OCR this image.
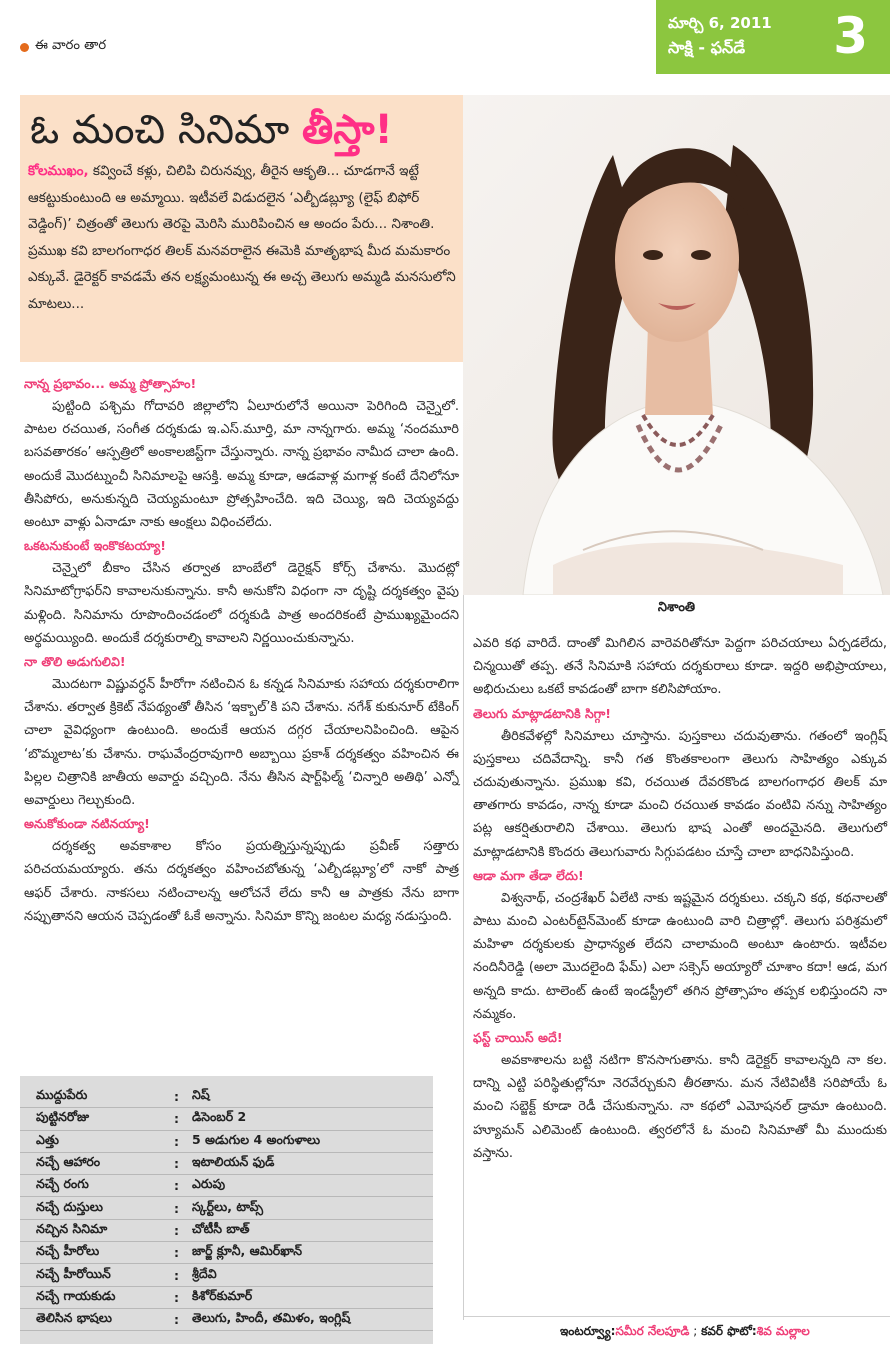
ఈ వారం తార
మార్చి 6, 2011
సాక్షి - ఫన్‌డే 3
ఓ మంచి సినిమా తీస్తా!
కోలముఖం, కవ్వించే కళ్లు, చిలిపి చిరునవ్వు, తీరైన ఆకృతి... చూడగానే ఇట్టే ఆకట్టుకుంటుంది ఆ అమ్మాయి. ఇటీవలే విడుదలైన ‘ఎల్బీడబ్ల్యూ (లైఫ్ బిఫోర్ వెడ్డింగ్)’ చిత్రంతో తెలుగు తెరపై మెరిసి మురిపించిన ఆ అందం పేరు... నిశాంతి. ప్రముఖ కవి బాలగంగాధర తిలక్ మనవరాలైన ఈమెకి మాతృభాష మీద మమకారం ఎక్కువే. డైరెక్టర్ కావడమే తన లక్ష్యమంటున్న ఈ అచ్చ తెలుగు అమ్మడి మనసులోని మాటలు...
నిశాంతి
నాన్న ప్రభావం... అమ్మ ప్రోత్సాహం!

పుట్టింది పశ్చిమ గోదావరి జిల్లాలోని ఏలూరులోనే అయినా పెరిగింది చెన్నైలో. పాటల రచయిత, సంగీత దర్శకుడు ఇ.ఎస్.మూర్తి, మా నాన్నగారు. అమ్మ ‘నందమూరి బసవతారకం’ ఆస్పత్రిలో అంకాలజిస్ట్‌గా చేస్తున్నారు. నాన్న ప్రభావం నామీద చాలా ఉంది. అందుకే మొదట్నుంచీ సినిమాలపై ఆసక్తి. అమ్మ కూడా, ఆడవాళ్ల మగాళ్ల కంటే దేనిలోనూ తీసిపోరు, అనుకున్నది చెయ్యమంటూ ప్రోత్సహించేది. ఇది చెయ్యి, ఇది చెయ్యవద్దు అంటూ వాళ్లు ఏనాడూ నాకు ఆంక్షలు విధించలేదు.

ఒకటనుకుంటే ఇంకొకటయ్యా!

చెన్నైలో బీకాం చేసిన తర్వాత బాంబేలో డెరైక్షన్ కోర్స్ చేశాను. మొదట్లో సినిమాటోగ్రాఫర్‌ని కావాలనుకున్నాను. కానీ అనుకోని విధంగా నా దృష్టి దర్శకత్వం వైపు మళ్లింది. సినిమాను రూపొందించడంలో దర్శకుడి పాత్ర అందరికంటే ప్రాముఖ్యమైందని అర్థమయ్యింది. అందుకే దర్శకురాల్ని కావాలని నిర్ణయించుకున్నాను.

నా తొలి అడుగులివి!

మొదటగా విష్ణువర్ధన్ హీరోగా నటించిన ఓ కన్నడ సినిమాకు సహాయ దర్శకురాలిగా చేశాను. తర్వాత క్రికెట్ నేపథ్యంతో తీసిన ‘ఇక్బాల్’కి పని చేశాను. నగేశ్ కుకునూర్ టేకింగ్ చాలా వైవిధ్యంగా ఉంటుంది. అందుకే ఆయన దగ్గర చేయాలనిపించింది. ఆపైన ‘బొమ్మలాట’కు చేశాను. రాఘవేంద్రరావుగారి అబ్బాయి ప్రకాశ్ దర్శకత్వం వహించిన ఈ పిల్లల చిత్రానికి జాతీయ అవార్డు వచ్చింది. నేను తీసిన షార్ట్‌ఫిల్మ్ ‘చిన్నారి అతిథి’ ఎన్నో అవార్డులు గెల్చుకుంది.

అనుకోకుండా నటినయ్యా!

దర్శకత్వ అవకాశాల కోసం ప్రయత్నిస్తున్నప్పుడు ప్రవీణ్ సత్తారు పరిచయమయ్యారు. తను దర్శకత్వం వహించబోతున్న ‘ఎల్బీడబ్ల్యూ’లో నాకో పాత్ర ఆఫర్ చేశారు. నాకసలు నటించాలన్న ఆలోచనే లేదు కానీ ఆ పాత్రకు నేను బాగా నప్పుతానని ఆయన చెప్పడంతో ఓకే అన్నాను. సినిమా కొన్ని జంటల మధ్య నడుస్తుంది.

ఎవరి కథ వారిదే. దాంతో మిగిలిన వారెవరితోనూ పెద్దగా పరిచయాలు ఏర్పడలేదు, చిన్మయితో తప్ప. తనే సినిమాకి సహాయ దర్శకురాలు కూడా. ఇద్దరి అభిప్రాయాలు, అభిరుచులు ఒకటే కావడంతో బాగా కలిసిపోయాం.

తెలుగు మాట్లాడటానికి సిగ్గా!

తీరికవేళల్లో సినిమాలు చూస్తాను. పుస్తకాలు చదువుతాను. గతంలో ఇంగ్లిష్ పుస్తకాలు చదివేదాన్ని. కానీ గత కొంతకాలంగా తెలుగు సాహిత్యం ఎక్కువ చదువుతున్నాను. ప్రముఖ కవి, రచయిత దేవరకొండ బాలగంగాధర తిలక్ మా తాతగారు కావడం, నాన్న కూడా మంచి రచయిత కావడం వంటివి నన్ను సాహిత్యం పట్ల ఆకర్షితురాలిని చేశాయి. తెలుగు భాష ఎంతో అందమైనది. తెలుగులో మాట్లాడటానికి కొందరు తెలుగువారు సిగ్గుపడటం చూస్తే చాలా బాధనిపిస్తుంది.

ఆడా మగా తేడా లేదు!

విశ్వనాథ్, చంద్రశేఖర్ ఏలేటి నాకు ఇష్టమైన దర్శకులు. చక్కని కథ, కథనాలతో పాటు మంచి ఎంటర్‌టైన్‌మెంట్ కూడా ఉంటుంది వారి చిత్రాల్లో. తెలుగు పరిశ్రమలో మహిళా దర్శకులకు ప్రాధాన్యత లేదని చాలామంది అంటూ ఉంటారు. ఇటీవల నందినీరెడ్డి (అలా మొదలైంది ఫేమ్) ఎలా సక్సెస్ అయ్యారో చూశాం కదా! ఆడ, మగ అన్నది కాదు. టాలెంట్ ఉంటే ఇండస్ట్రీలో తగిన ప్రోత్సాహం తప్పక లభిస్తుందని నా నమ్మకం.

ఫస్ట్ చాయిస్ అదే!

అవకాశాలను బట్టి నటిగా కొనసాగుతాను. కానీ డెరైక్టర్ కావాలన్నది నా కల. దాన్ని ఎట్టి పరిస్థితుల్లోనూ నెరవేర్చుకుని తీరతాను. మన నేటివిటీకి సరిపోయే ఓ మంచి సబ్జెక్ట్ కూడా రెడీ చేసుకున్నాను. నా కథలో ఎమోషనల్ డ్రామా ఉంటుంది. హ్యూమన్ ఎలిమెంట్ ఉంటుంది. త్వరలోనే ఓ మంచి సినిమాతో మీ ముందుకు వస్తాను.

ముద్దుపేరు	:	నిష్
పుట్టినరోజు	:	డిసెంబర్ 2
ఎత్తు	:	5 అడుగుల 4 అంగుళాలు
నచ్చే ఆహారం	:	ఇటాలియన్ ఫుడ్
నచ్చే రంగు	:	ఎరుపు
నచ్చే దుస్తులు	:	స్కర్ట్‌లు, టాప్స్
నచ్చిన సినిమా	:	చోటీసీ బాత్
నచ్చే హీరోలు	:	జార్జ్ క్లూనీ, ఆమిర్‌ఖాన్
నచ్చే హీరోయిన్	:	శ్రీదేవి
నచ్చే గాయకుడు	:	కిశోర్‌కుమార్
తెలిసిన భాషలు	:	తెలుగు, హిందీ, తమిళం, ఇంగ్లిష్
ఇంటర్వ్యూ:సమీర నేలపూడి ; కవర్ ఫొటో:శివ మల్లాల
